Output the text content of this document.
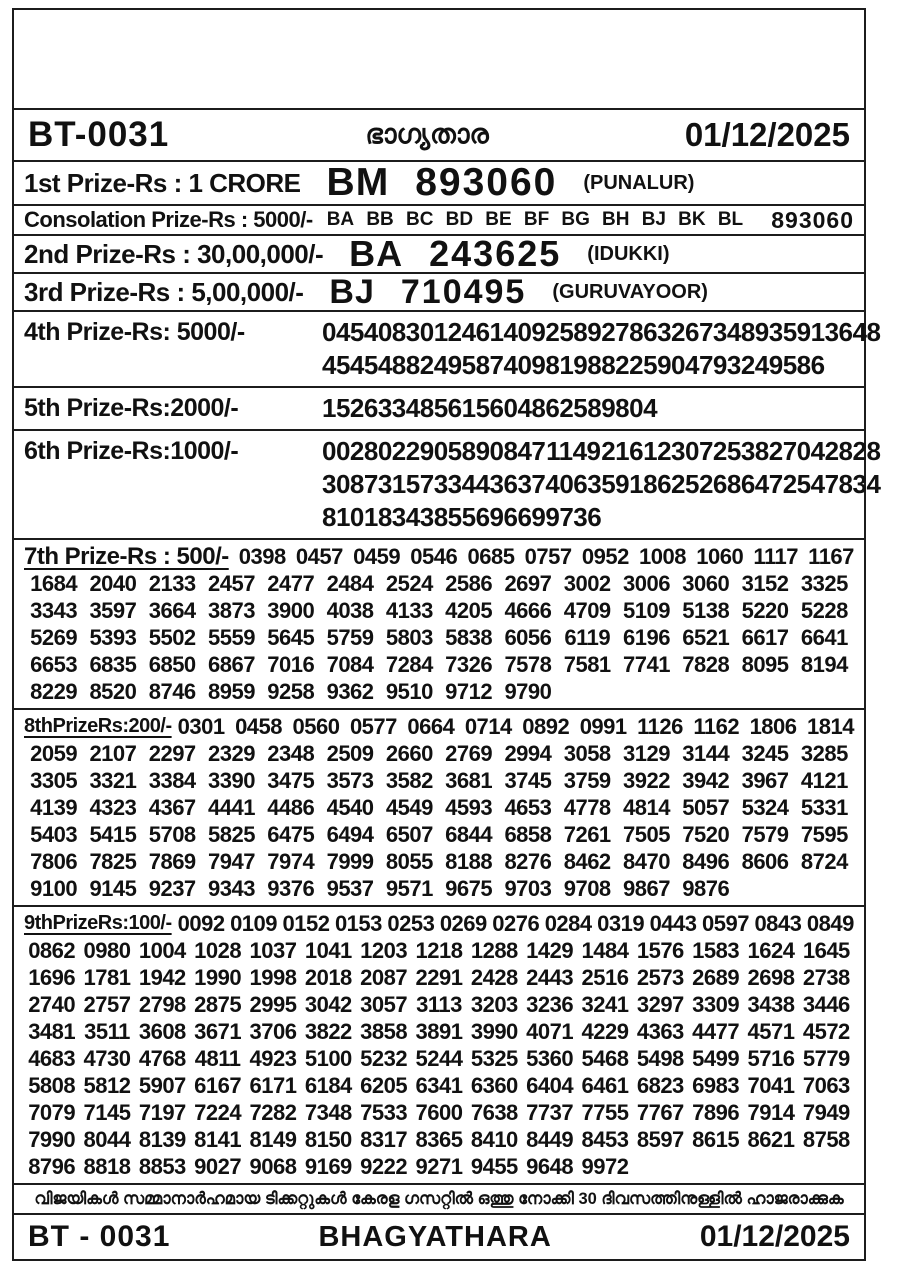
BT-0031	ഭാഗ്യതാര	01/12/2025
1st Prize-Rs : 1 CRORE BM 893060 (PUNALUR)
Consolation Prize-Rs : 5000/- BA BB BC BD BE BF BG BH BJ BK BL 893060
2nd Prize-Rs : 30,00,000/- BA 243625 (IDUKKI)
3rd Prize-Rs : 5,00,000/- BJ 710495 (GURUVAYOOR)
4th Prize-Rs: 5000/-	0454 0830 1246 1409 2589 2786 3267 3489 3591 3648
4545 4882 4958 7409 8198 8225 9047 9324 9586
5th Prize-Rs:2000/-	1526 3348 5615 6048 6258 9804
6th Prize-Rs:1000/-	0028 0229 0589 0847 1149 2161 2307 2538 2704 2828
3087 3157 3344 3637 4063 5918 6252 6864 7254 7834
8101 8343 8556 9669 9736
7th Prize-Rs : 500/- 0398 0457 0459 0546 0685 0757 0952 1008 1060 1117 1167
1684 2040 2133 2457 2477 2484 2524 2586 2697 3002 3006 3060 3152 3325
3343 3597 3664 3873 3900 4038 4133 4205 4666 4709 5109 5138 5220 5228
5269 5393 5502 5559 5645 5759 5803 5838 6056 6119 6196 6521 6617 6641
6653 6835 6850 6867 7016 7084 7284 7326 7578 7581 7741 7828 8095 8194
8229 8520 8746 8959 9258 9362 9510 9712 9790
8thPrizeRs:200/- 0301 0458 0560 0577 0664 0714 0892 0991 1126 1162 1806 1814
2059 2107 2297 2329 2348 2509 2660 2769 2994 3058 3129 3144 3245 3285
3305 3321 3384 3390 3475 3573 3582 3681 3745 3759 3922 3942 3967 4121
4139 4323 4367 4441 4486 4540 4549 4593 4653 4778 4814 5057 5324 5331
5403 5415 5708 5825 6475 6494 6507 6844 6858 7261 7505 7520 7579 7595
7806 7825 7869 7947 7974 7999 8055 8188 8276 8462 8470 8496 8606 8724
9100 9145 9237 9343 9376 9537 9571 9675 9703 9708 9867 9876
9thPrizeRs:100/- 0092 0109 0152 0153 0253 0269 0276 0284 0319 0443 0597 0843 0849
0862 0980 1004 1028 1037 1041 1203 1218 1288 1429 1484 1576 1583 1624 1645
1696 1781 1942 1990 1998 2018 2087 2291 2428 2443 2516 2573 2689 2698 2738
2740 2757 2798 2875 2995 3042 3057 3113 3203 3236 3241 3297 3309 3438 3446
3481 3511 3608 3671 3706 3822 3858 3891 3990 4071 4229 4363 4477 4571 4572
4683 4730 4768 4811 4923 5100 5232 5244 5325 5360 5468 5498 5499 5716 5779
5808 5812 5907 6167 6171 6184 6205 6341 6360 6404 6461 6823 6983 7041 7063
7079 7145 7197 7224 7282 7348 7533 7600 7638 7737 7755 7767 7896 7914 7949
7990 8044 8139 8141 8149 8150 8317 8365 8410 8449 8453 8597 8615 8621 8758
8796 8818 8853 9027 9068 9169 9222 9271 9455 9648 9972
വിജയികൾ സമ്മാനാർഹമായ ടിക്കറ്റുകൾ കേരള ഗസറ്റിൽ ഒത്തു നോക്കി 30 ദിവസത്തിനുള്ളിൽ ഹാജരാക്കുക
BT - 0031	BHAGYATHARA	01/12/2025
